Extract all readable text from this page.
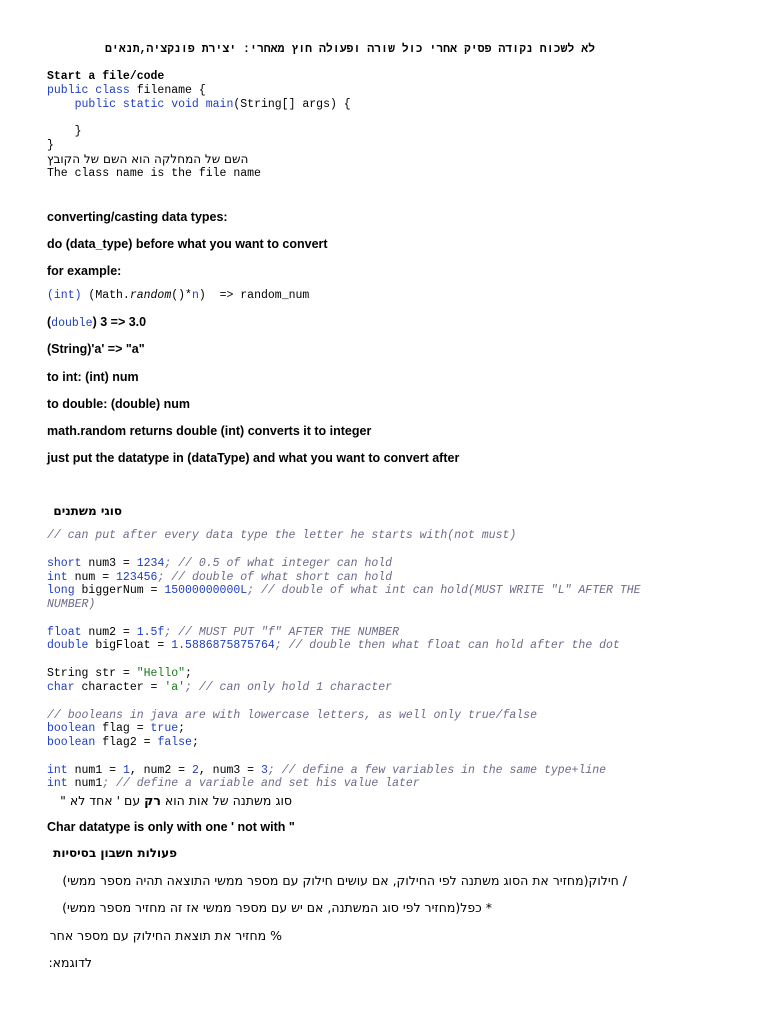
לא לשכוח נקודה פסיק אחרי כול שורה ופעולה חוץ מאחרי: יצירת פונקציה,תנאים
Start a file/code
public class filename {
public static void main(String[] args) {
}
}
השם של המחלקה הוא השם של הקובץ
The class name is the file name
converting/casting data types:
do (data_type) before what you want to convert
for example:
(int) (Math.random()*n)  => random_num
(double) 3 => 3.0
(String)'a' => "a"
to int: (int) num
to double: (double) num
math.random returns double (int) converts it to integer
just put the datatype in (dataType) and what you want to convert after
סוגי משתנים
// can put after every data type the letter he starts with(not must)
short num3 = 1234; // 0.5 of what integer can hold
int num = 123456; // double of what short can hold
long biggerNum = 15000000000L; // double of what int can hold(MUST WRITE "L" AFTER THE
NUMBER)
float num2 = 1.5f; // MUST PUT "f" AFTER THE NUMBER
double bigFloat = 1.5886875875764; // double then what float can hold after the dot
String str = "Hello";
char character = 'a'; // can only hold 1 character
// booleans in java are with lowercase letters, as well only true/false
boolean flag = true;
boolean flag2 = false;
int num1 = 1, num2 = 2, num3 = 3; // define a few variables in the same type+line
int num1; // define a variable and set his value later
סוג משתנה של אות הוא רק עם ' אחד לא "
Char datatype is only with one ' not with "
פעולות חשבון בסיסיות
/ חילוק(מחזיר את הסוג משתנה לפי החילוק, אם עושים חילוק עם מספר ממשי התוצאה תהיה מספר ממשי)
* כפל(מחזיר לפי סוג המשתנה, אם יש עם מספר ממשי אז זה מחזיר מספר ממשי)
% מחזיר את תוצאת החילוק עם מספר אחר
לדוגמא:
